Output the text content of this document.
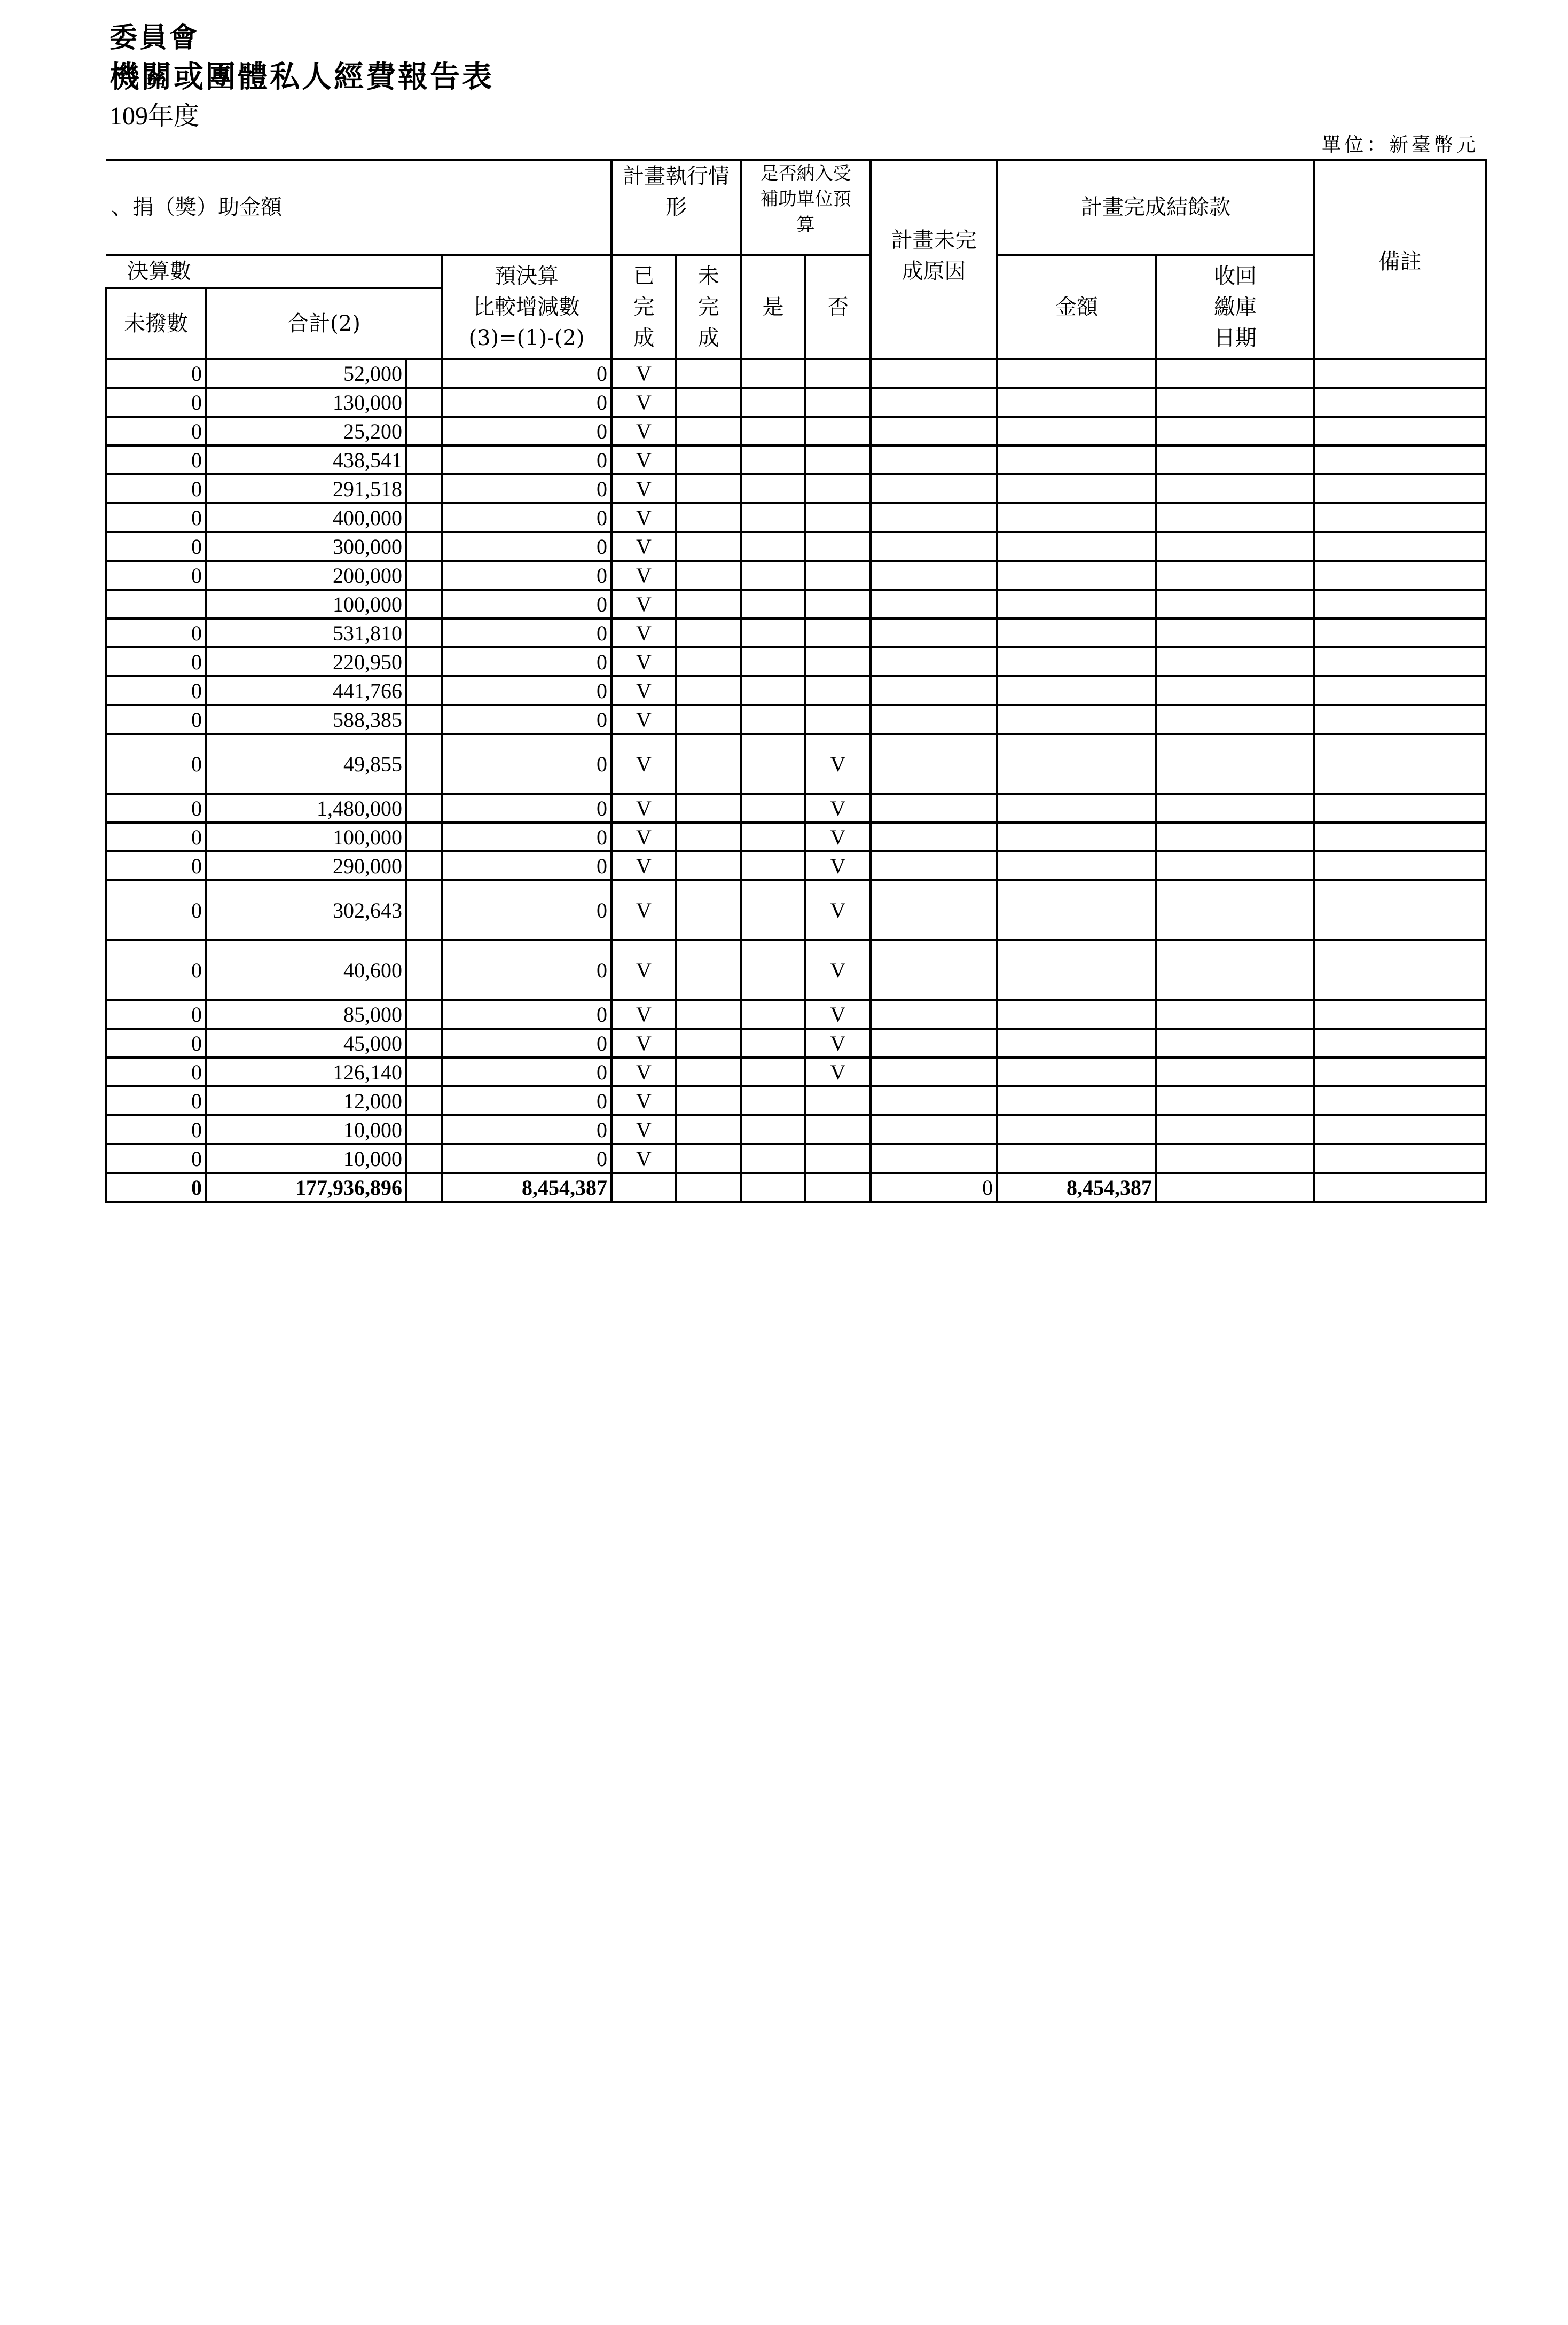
委員會
機關或團體私人經費報告表
109年度
單位：新臺幣元
、捐（獎）助金額				計畫執行情
形		是否納入受
補助單位預
算		計畫未完
成原因	計畫完成結餘款		備註
決算數			預決算
比較增減數
(3)=(1)-(2)	已
完
成	未
完
成	是	否		金額	收回
繳庫
日期	
未撥數	合計(2)										
0	52,000		0	V							
0	130,000		0	V							
0	25,200		0	V							
0	438,541		0	V							
0	291,518		0	V							
0	400,000		0	V							
0	300,000		0	V							
0	200,000		0	V							
	100,000		0	V							
0	531,810		0	V							
0	220,950		0	V							
0	441,766		0	V							
0	588,385		0	V							
0	49,855		0	V			V				
0	1,480,000		0	V			V				
0	100,000		0	V			V				
0	290,000		0	V			V				
0	302,643		0	V			V				
0	40,600		0	V			V				
0	85,000		0	V			V				
0	45,000		0	V			V				
0	126,140		0	V			V				
0	12,000		0	V							
0	10,000		0	V							
0	10,000		0	V							
0	177,936,896		8,454,387					0	8,454,387		
